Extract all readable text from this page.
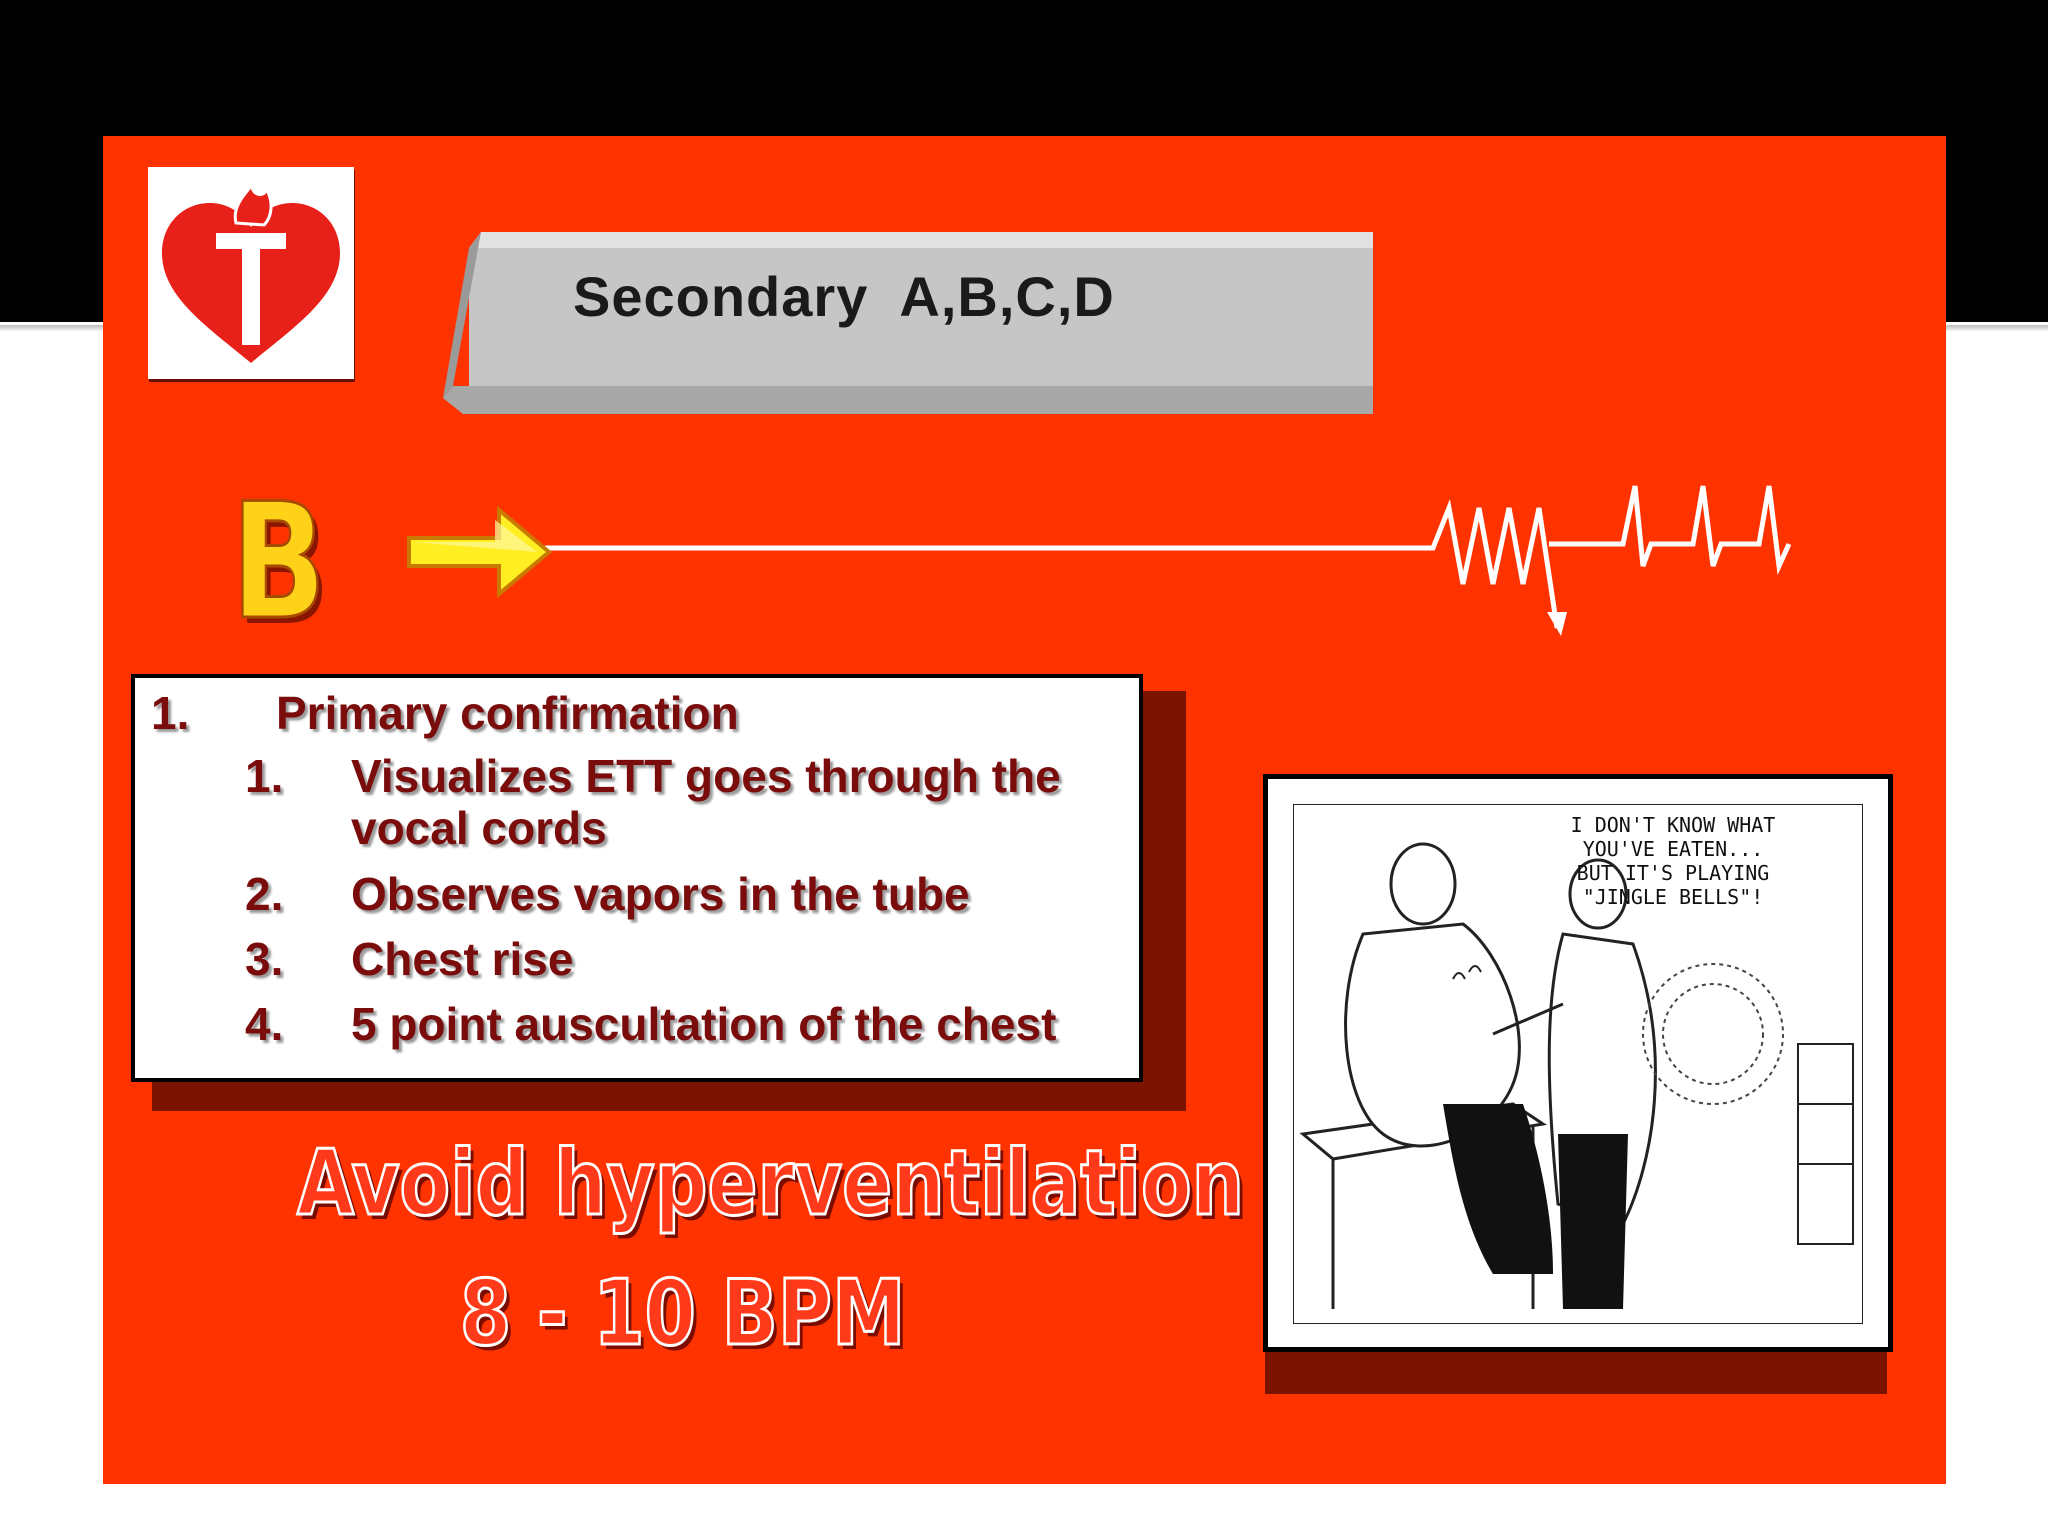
Secondary  A,B,C,D
B
1. Primary confirmation
1. Visualizes ETT goes through the vocal cords
2. Observes vapors in the tube
3. Chest rise
4. 5 point auscultation of the chest
Avoid hyperventilation
8 - 10 BPM
I DON'T KNOW WHAT
YOU'VE EATEN...
BUT IT'S PLAYING
"JINGLE BELLS"!
